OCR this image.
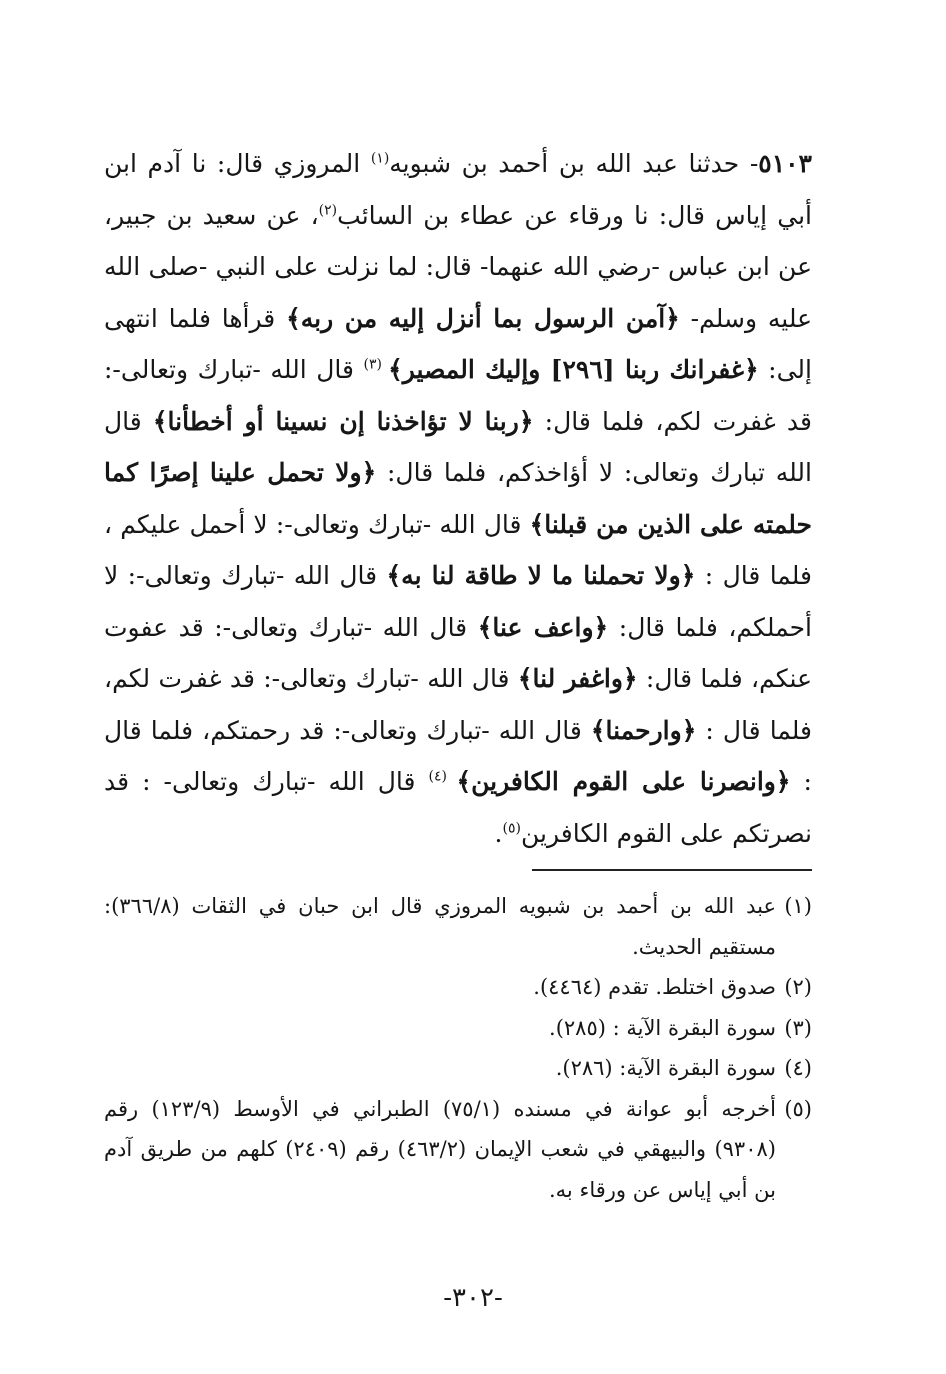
٥١٠٣- حدثنا عبد الله بن أحمد بن شبويه$^{(١)}$ المروزي قال: نا آدم ابن أبي إياس قال: نا ورقاء عن عطاء بن السائب$^{(٢)}$، عن سعيد بن جبير، عن ابن عباس -رضي الله عنهما- قال: لما نزلت على النبي -صلى الله عليه وسلم- ﴿آمن الرسول بما أنزل إليه من ربه﴾ قرأها فلما انتهى إلى: ﴿غفرانك ربنا [٢٩٦] وإليك المصير﴾ $^{(٣)}$ قال الله -تبارك وتعالى-: قد غفرت لكم، فلما قال: ﴿ربنا لا تؤاخذنا إن نسينا أو أخطأنا﴾ قال الله تبارك وتعالى: لا أؤاخذكم، فلما قال: ﴿ولا تحمل علينا إصرًا كما حلمته على الذين من قبلنا﴾ قال الله -تبارك وتعالى-: لا أحمل عليكم ، فلما قال : ﴿ولا تحملنا ما لا طاقة لنا به﴾ قال الله -تبارك وتعالى-: لا أحملكم، فلما قال: ﴿واعف عنا﴾ قال الله -تبارك وتعالى-: قد عفوت عنكم، فلما قال: ﴿واغفر لنا﴾ قال الله -تبارك وتعالى-: قد غفرت لكم، فلما قال : ﴿وارحمنا﴾ قال الله -تبارك وتعالى-: قد رحمتكم، فلما قال : ﴿وانصرنا على القوم الكافرين﴾ $^{(٤)}$ قال الله -تبارك وتعالى- : قد نصرتكم على القوم الكافرين$^{(٥)}$.
(١)
عبد الله بن أحمد بن شبويه المروزي قال ابن حبان في الثقات (٣٦٦/٨): مستقيم الحديث.
(٢)
صدوق اختلط. تقدم (٤٤٦٤).
(٣)
سورة البقرة الآية : (٢٨٥).
(٤)
سورة البقرة الآية: (٢٨٦).
(٥)
أخرجه أبو عوانة في مسنده (٧٥/١) الطبراني في الأوسط (١٢٣/٩) رقم (٩٣٠٨) والبيهقي في شعب الإيمان (٤٦٣/٢) رقم (٢٤٠٩) كلهم من طريق آدم بن أبي إياس عن ورقاء به.
-٣٠٢-
